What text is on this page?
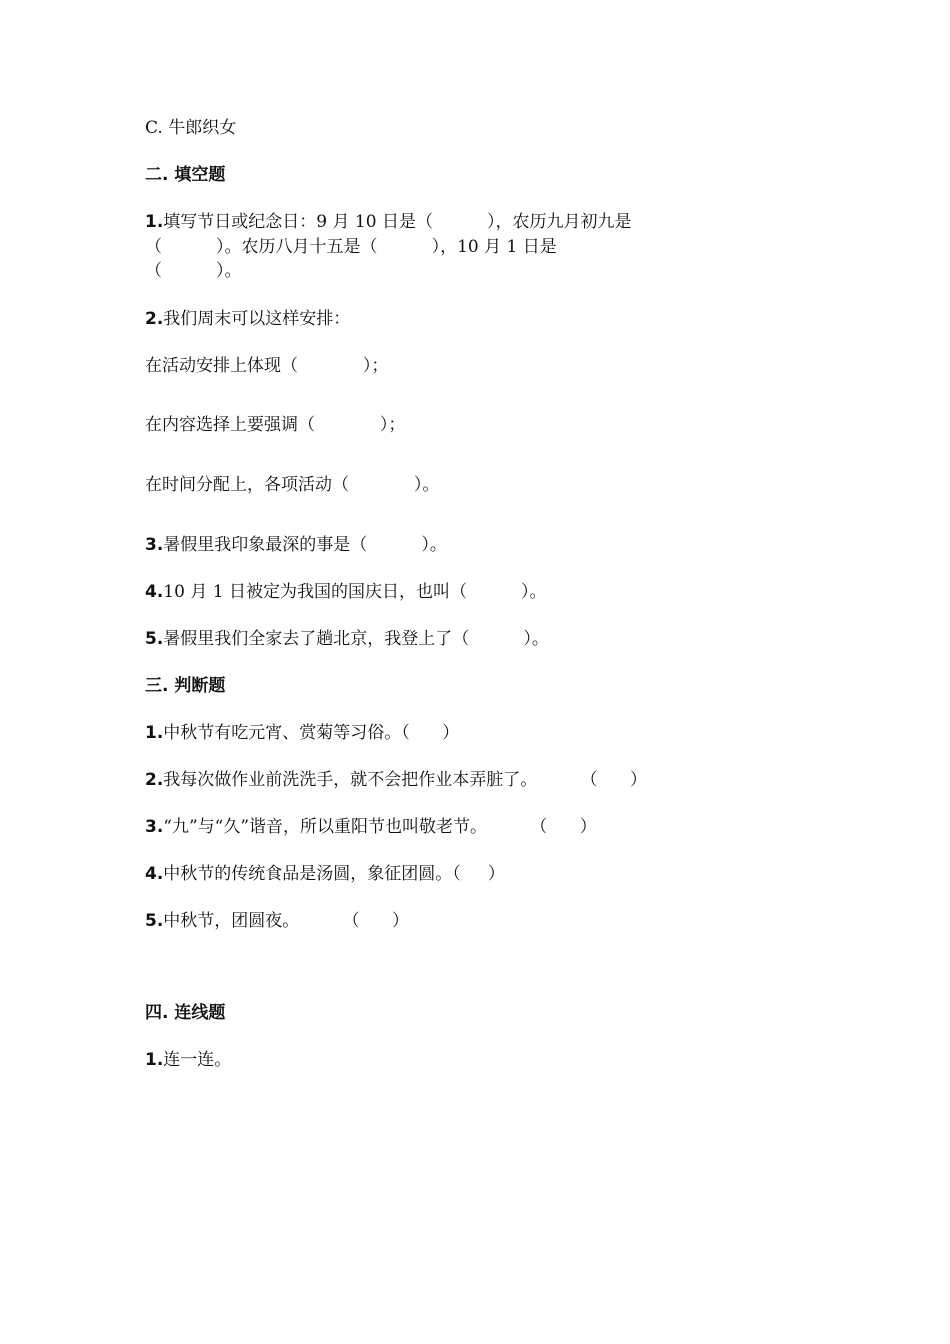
C. 牛郎织女
二. 填空题
1.填写节日或纪念日：9 月 10 日是（          ），农历九月初九是
（          ）。农历八月十五是（          ），10 月 1 日是
（          ）。
2.我们周末可以这样安排：
在活动安排上体现（            ）；
在内容选择上要强调（            ）；
在时间分配上，各项活动（            ）。
3.暑假里我印象最深的事是（          ）。
4.10 月 1 日被定为我国的国庆日，也叫（          ）。
5.暑假里我们全家去了趟北京，我登上了（          ）。
三. 判断题
1.中秋节有吃元宵、赏菊等习俗。（      ）
2.我每次做作业前洗洗手，就不会把作业本弄脏了。        （      ）
3.“九”与“久”谐音，所以重阳节也叫敬老节。        （      ）
4.中秋节的传统食品是汤圆，象征团圆。（     ）
5.中秋节，团圆夜。        （      ）
四. 连线题
1.连一连。
